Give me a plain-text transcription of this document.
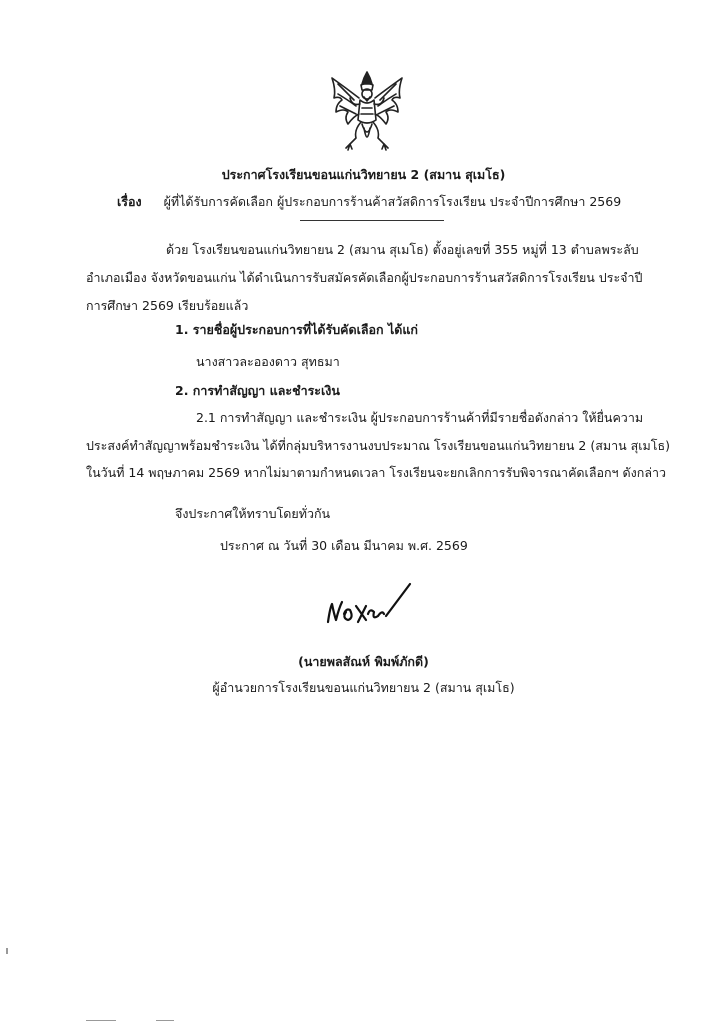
ประกาศโรงเรียนขอนแก่นวิทยายน 2 (สมาน สุเมโธ)
เรื่อง ผู้ที่ได้รับการคัดเลือก ผู้ประกอบการร้านค้าสวัสดิการโรงเรียน ประจำปีการศึกษา 2569
ด้วย โรงเรียนขอนแก่นวิทยายน 2 (สมาน สุเมโธ) ตั้งอยู่เลขที่ 355 หมู่ที่ 13 ตำบลพระลับ
อำเภอเมือง จังหวัดขอนแก่น ได้ดำเนินการรับสมัครคัดเลือกผู้ประกอบการร้านสวัสดิการโรงเรียน ประจำปี
การศึกษา 2569 เรียบร้อยแล้ว
1. รายชื่อผู้ประกอบการที่ได้รับคัดเลือก ได้แก่
นางสาวละอองดาว สุทธมา
2. การทำสัญญา และชำระเงิน
2.1 การทำสัญญา และชำระเงิน ผู้ประกอบการร้านค้าที่มีรายชื่อดังกล่าว ให้ยื่นความ
ประสงค์ทำสัญญาพร้อมชำระเงิน ได้ที่กลุ่มบริหารงานงบประมาณ โรงเรียนขอนแก่นวิทยายน 2 (สมาน สุเมโธ)
ในวันที่ 14 พฤษภาคม 2569 หากไม่มาตามกำหนดเวลา โรงเรียนจะยกเลิกการรับพิจารณาคัดเลือกฯ ดังกล่าว
จึงประกาศให้ทราบโดยทั่วกัน
ประกาศ ณ วันที่ 30 เดือน มีนาคม พ.ศ. 2569
(นายพลสัณห์ พิมพ์ภักดี)
ผู้อำนวยการโรงเรียนขอนแก่นวิทยายน 2 (สมาน สุเมโธ)
